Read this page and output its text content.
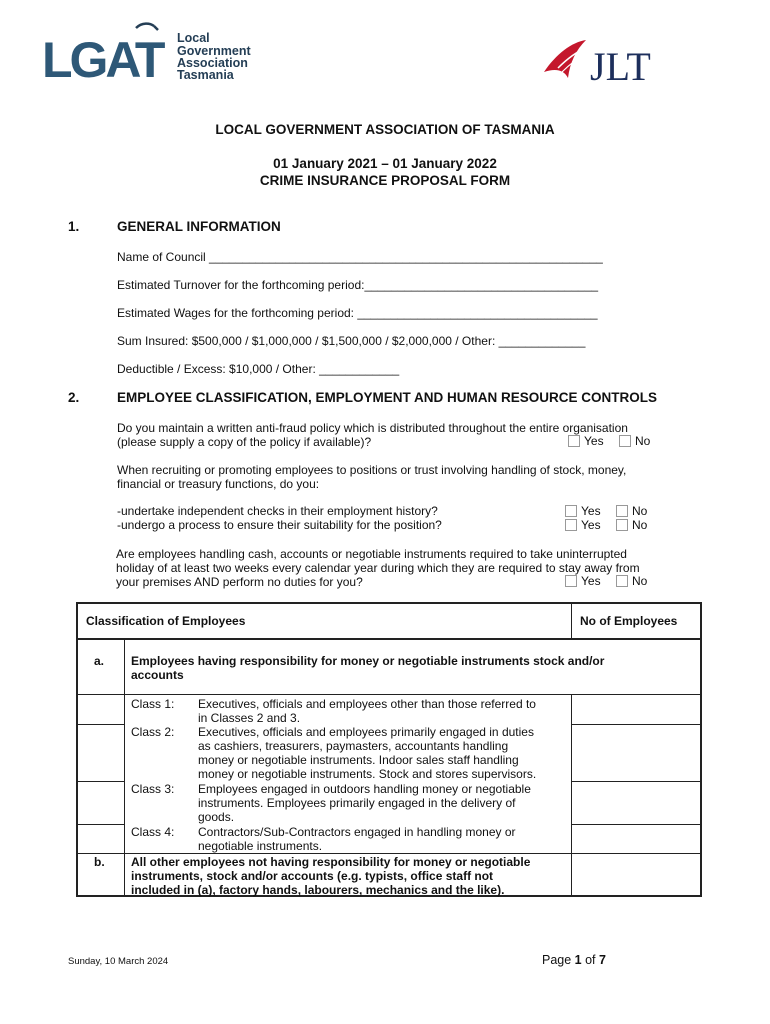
LGAT Local
Government
Association
Tasmania	JLT
LOCAL GOVERNMENT ASSOCIATION OF TASMANIA
01 January 2021 – 01 January 2022
CRIME INSURANCE PROPOSAL FORM
1.	GENERAL INFORMATION
Name of Council ___________________________________________________________
Estimated Turnover for the forthcoming period:___________________________________
Estimated Wages for the forthcoming period: ____________________________________
Sum Insured: $500,000 / $1,000,000 / $1,500,000 / $2,000,000 / Other: _____________
Deductible / Excess: $10,000 / Other: ____________
2.	EMPLOYEE CLASSIFICATION, EMPLOYMENT AND HUMAN RESOURCE CONTROLS
Do you maintain a written anti-fraud policy which is distributed throughout the entire organisation
(please supply a copy of the policy if available)?	Yes	No
When recruiting or promoting employees to positions or trust involving handling of stock, money,
financial or treasury functions, do you:
-undertake independent checks in their employment history?
-undergo a process to ensure their suitability for the position?
Yes	No
Yes	No
Are employees handling cash, accounts or negotiable instruments required to take uninterrupted
holiday of at least two weeks every calendar year during which they are required to stay away from
your premises AND perform no duties for you?	Yes	No
Classification of Employees	No of Employees
a. Employees having responsibility for money or negotiable instruments stock and/or
accounts
Class 1: Executives, officials and employees other than those referred to
in Classes 2 and 3.
Class 2: Executives, officials and employees primarily engaged in duties
as cashiers, treasurers, paymasters, accountants handling
money or negotiable instruments. Indoor sales staff handling
money or negotiable instruments. Stock and stores supervisors.
Class 3: Employees engaged in outdoors handling money or negotiable
instruments. Employees primarily engaged in the delivery of
goods.
Class 4: Contractors/Sub-Contractors engaged in handling money or
negotiable instruments.
b. All other employees not having responsibility for money or negotiable
instruments, stock and/or accounts (e.g. typists, office staff not
included in (a), factory hands, labourers, mechanics and the like).
Sunday, 10 March 2024	Page 1 of 7
